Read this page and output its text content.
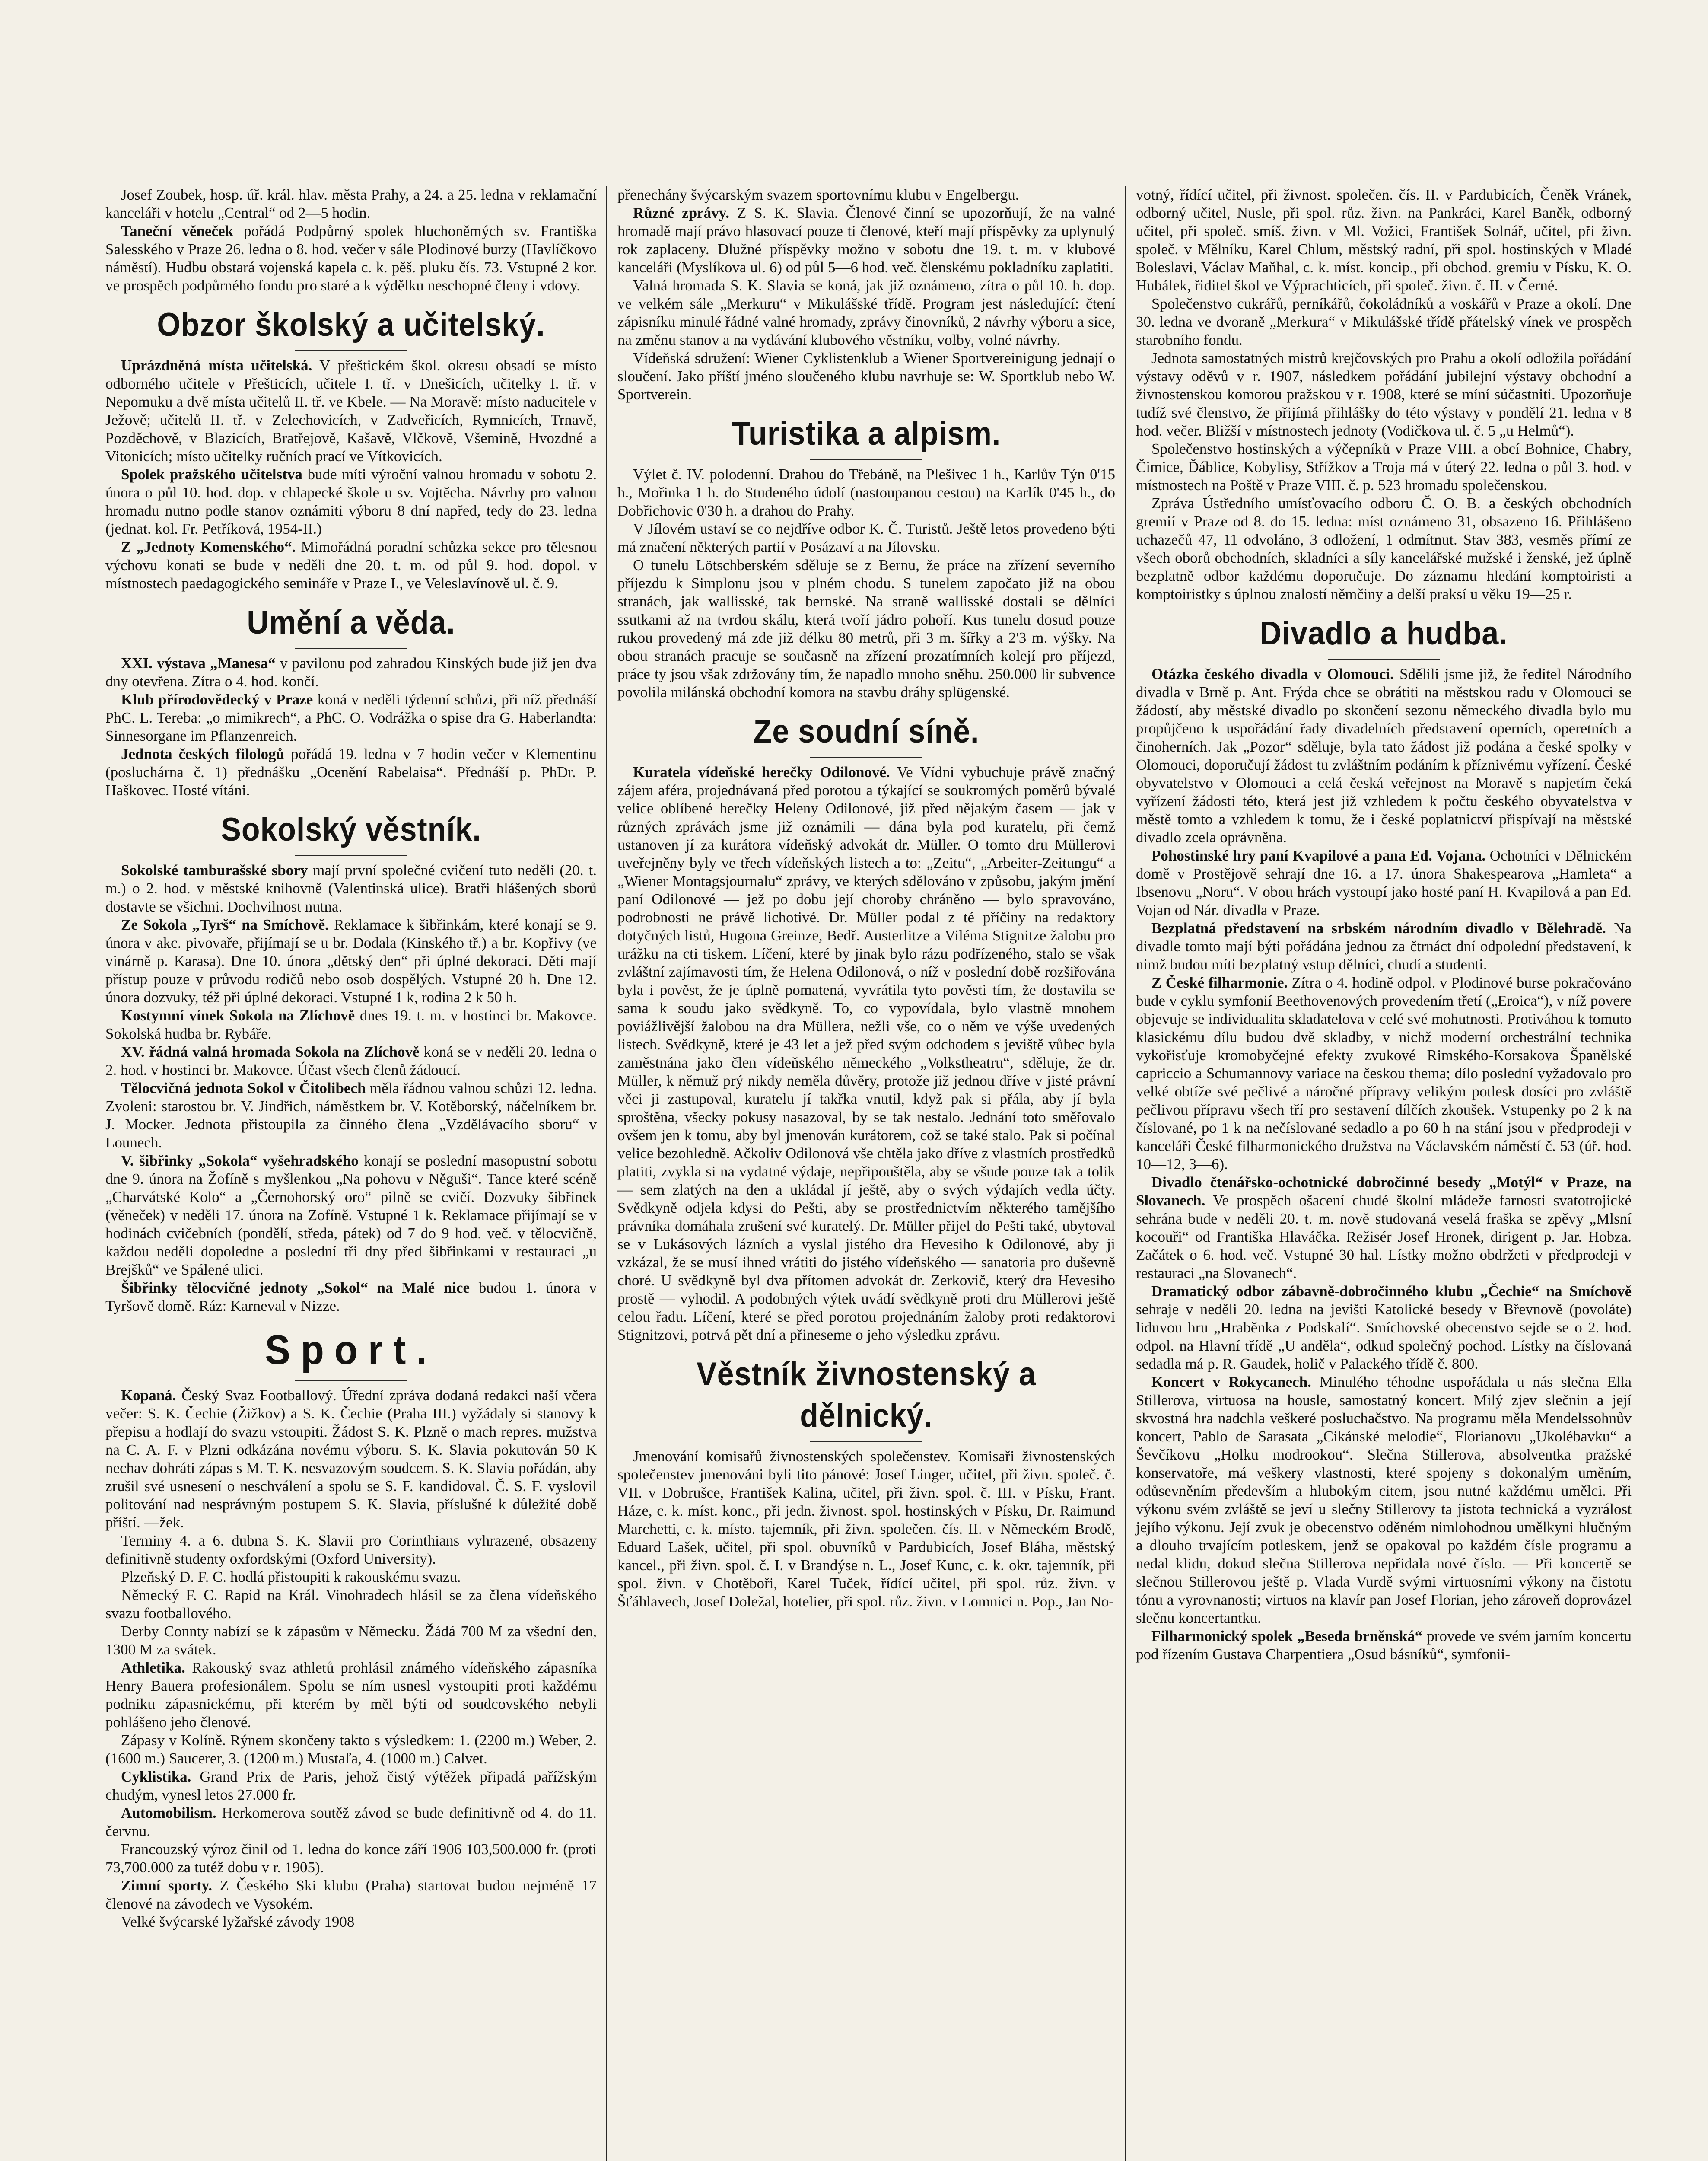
Josef Zoubek, hosp. úř. král. hlav. města Prahy, a 24. a 25. ledna v reklamační kanceláři v hotelu „Central“ od 2—5 hodin.

Taneční věneček pořádá Podpůrný spolek hluchoněmých sv. Františka Salesského v Praze 26. ledna o 8. hod. večer v sále Plodinové burzy (Havlíčkovo náměstí). Hudbu obstará vojenská kapela c. k. pěš. pluku čís. 73. Vstupné 2 kor. ve prospěch podpůrného fondu pro staré a k výdělku neschopné členy i vdovy.

Obzor školský a učitelský.

Uprázdněná místa učitelská. V přeštickém škol. okresu obsadí se místo odborného učitele v Přešticích, učitele I. tř. v Dnešicích, učitelky I. tř. v Nepomuku a dvě místa učitelů II. tř. ve Kbele. — Na Moravě: místo naducitele v Ježově; učitelů II. tř. v Zelechovicích, v Zadveřicích, Rymnicích, Trnavě, Pozděchově, v Blazicích, Bratřejově, Kašavě, Vlčkově, Všemině, Hvozdné a Vitonicích; místo učitelky ručních prací ve Vítkovicích.

Spolek pražského učitelstva bude míti výroční valnou hromadu v sobotu 2. února o půl 10. hod. dop. v chlapecké škole u sv. Vojtěcha. Návrhy pro valnou hromadu nutno podle stanov oznámiti výboru 8 dní napřed, tedy do 23. ledna (jednat. kol. Fr. Petříková, 1954-II.)

Z „Jednoty Komenského“. Mimořádná poradní schůzka sekce pro tělesnou výchovu konati se bude v neděli dne 20. t. m. od půl 9. hod. dopol. v místnostech paedagogického semináře v Praze I., ve Veleslavínově ul. č. 9.

Umění a věda.

XXI. výstava „Manesa“ v pavilonu pod zahradou Kinských bude již jen dva dny otevřena. Zítra o 4. hod. končí.

Klub přírodovědecký v Praze koná v neděli týdenní schůzi, při níž přednáší PhC. L. Tereba: „o mimikrech“, a PhC. O. Vodrážka o spise dra G. Haberlandta: Sinnesorgane im Pflanzenreich.

Jednota českých filologů pořádá 19. ledna v 7 hodin večer v Klementinu (posluchárna č. 1) přednášku „Ocenění Rabelaisa“. Přednáší p. PhDr. P. Haškovec. Hosté vítáni.

Sokolský věstník.

Sokolské tamburašské sbory mají první společné cvičení tuto neděli (20. t. m.) o 2. hod. v městské knihovně (Valentinská ulice). Bratři hlášených sborů dostavte se všichni. Dochvilnost nutna.

Ze Sokola „Tyrš“ na Smíchově. Reklamace k šibřinkám, které konají se 9. února v akc. pivovaře, přijímají se u br. Dodala (Kinského tř.) a br. Kopřivy (ve vinárně p. Karasa). Dne 10. února „dětský den“ při úplné dekoraci. Děti mají přístup pouze v průvodu rodičů nebo osob dospělých. Vstupné 20 h. Dne 12. února dozvuky, též při úplné dekoraci. Vstupné 1 k, rodina 2 k 50 h.

Kostymní vínek Sokola na Zlíchově dnes 19. t. m. v hostinci br. Makovce. Sokolská hudba br. Rybáře.

XV. řádná valná hromada Sokola na Zlíchově koná se v neděli 20. ledna o 2. hod. v hostinci br. Makovce. Účast všech členů žádoucí.

Tělocvičná jednota Sokol v Čitolibech měla řádnou valnou schůzi 12. ledna. Zvoleni: starostou br. V. Jindřich, náměstkem br. V. Kotěborský, náčelníkem br. J. Mocker. Jednota přistoupila za činného člena „Vzdělávacího sboru“ v Lounech.

V. šibřinky „Sokola“ vyšehradského konají se poslední masopustní sobotu dne 9. února na Žofíně s myšlenkou „Na pohovu v Něguši“. Tance které scéně „Charvátské Kolo“ a „Černohorský oro“ pilně se cvičí. Dozvuky šibřinek (věneček) v neděli 17. února na Zofíně. Vstupné 1 k. Reklamace přijímají se v hodinách cvičebních (pondělí, středa, pátek) od 7 do 9 hod. več. v tělocvičně, každou neděli dopoledne a poslední tři dny před šibřinkami v restauraci „u Brejšků“ ve Spálené ulici.

Šibřinky tělocvičné jednoty „Sokol“ na Malé nice budou 1. února v Tyršově domě. Ráz: Karneval v Nizze.

Sport.

Kopaná. Český Svaz Footballový. Úřední zpráva dodaná redakci naší včera večer: S. K. Čechie (Žižkov) a S. K. Čechie (Praha III.) vyžádaly si stanovy k přepisu a hodlají do svazu vstoupiti. Žádost S. K. Plzně o mach repres. mužstva na C. A. F. v Plzni odkázána novému výboru. S. K. Slavia pokutován 50 K nechav dohráti zápas s M. T. K. nesvazovým soudcem. S. K. Slavia pořádán, aby zrušil své usnesení o neschválení a spolu se S. F. kandidoval. Č. S. F. vyslovil politování nad nesprávným postupem S. K. Slavia, příslušné k důležité době příští. —žek.

Terminy 4. a 6. dubna S. K. Slavii pro Corinthians vyhrazené, obsazeny definitivně studenty oxfordskými (Oxford University).

Plzeňský D. F. C. hodlá přistoupiti k rakouskému svazu.

Německý F. C. Rapid na Král. Vinohradech hlásil se za člena vídeňského svazu footballového.

Derby Connty nabízí se k zápasům v Německu. Žádá 700 M za všední den, 1300 M za svátek.

Athletika. Rakouský svaz athletů prohlásil známého vídeňského zápasníka Henry Bauera profesionálem. Spolu se ním usnesl vystoupiti proti každému podniku zápasnickému, při kterém by měl býti od soudcovského nebyli pohlášeno jeho členové.

Zápasy v Kolíně. Rýnem skončeny takto s výsledkem: 1. (2200 m.) Weber, 2. (1600 m.) Saucerer, 3. (1200 m.) Mustaľa, 4. (1000 m.) Calvet.

Cyklistika. Grand Prix de Paris, jehož čistý výtěžek připadá pařížským chudým, vynesl letos 27.000 fr.

Automobilism. Herkomerova soutěž závod se bude definitivně od 4. do 11. červnu.

Francouzský výroz činil od 1. ledna do konce září 1906 103,500.000 fr. (proti 73,700.000 za tutéž dobu v r. 1905).

Zimní sporty. Z Českého Ski klubu (Praha) startovat budou nejméně 17 členové na závodech ve Vysokém.

Velké švýcarské lyžařské závody 1908

přenechány švýcarským svazem sportovnímu klubu v Engelbergu.

Různé zprávy. Z S. K. Slavia. Členové činní se upozorňují, že na valné hromadě mají právo hlasovací pouze ti členové, kteří mají příspěvky za uplynulý rok zaplaceny. Dlužné příspěvky možno v sobotu dne 19. t. m. v klubové kanceláři (Myslíkova ul. 6) od půl 5—6 hod. več. členskému pokladníku zaplatiti.

Valná hromada S. K. Slavia se koná, jak již oznámeno, zítra o půl 10. h. dop. ve velkém sále „Merkuru“ v Mikulášské třídě. Program jest následující: čtení zápisníku minulé řádné valné hromady, zprávy činovníků, 2 návrhy výboru a sice, na změnu stanov a na vydávání klubového věstníku, volby, volné návrhy.

Vídeňská sdružení: Wiener Cyklistenklub a Wiener Sportvereinigung jednají o sloučení. Jako příští jméno sloučeného klubu navrhuje se: W. Sportklub nebo W. Sportverein.

Turistika a alpism.

Výlet č. IV. polodenní. Drahou do Třebáně, na Plešivec 1 h., Karlův Týn 0'15 h., Mořinka 1 h. do Studeného údolí (nastoupanou cestou) na Karlík 0'45 h., do Dobřichovic 0'30 h. a drahou do Prahy.

V Jílovém ustaví se co nejdříve odbor K. Č. Turistů. Ještě letos provedeno býti má značení některých partií v Posázaví a na Jílovsku.

O tunelu Lötschberském sděluje se z Bernu, že práce na zřízení severního příjezdu k Simplonu jsou v plném chodu. S tunelem započato již na obou stranách, jak wallisské, tak bernské. Na straně wallisské dostali se dělníci ssutkami až na tvrdou skálu, která tvoří jádro pohoří. Kus tunelu dosud pouze rukou provedený má zde již délku 80 metrů, při 3 m. šířky a 2'3 m. výšky. Na obou stranách pracuje se současně na zřízení prozatímních kolejí pro příjezd, práce ty jsou však zdržovány tím, že napadlo mnoho sněhu. 250.000 lir subvence povolila milánská obchodní komora na stavbu dráhy splügenské.

Ze soudní síně.

Kuratela vídeňské herečky Odilonové. Ve Vídni vybuchuje právě značný zájem aféra, projednávaná před porotou a týkající se soukromých poměrů bývalé velice oblíbené herečky Heleny Odilonové, již před nějakým časem — jak v různých zprávách jsme již oznámili — dána byla pod kuratelu, při čemž ustanoven jí za kurátora vídeňský advokát dr. Müller. O tomto dru Müllerovi uveřejněny byly ve třech vídeňských listech a to: „Zeitu“, „Arbeiter-Zeitungu“ a „Wiener Montagsjournalu“ zprávy, ve kterých sdělováno v způsobu, jakým jmění paní Odilonové — jež po dobu její choroby chráněno — bylo spravováno, podrobnosti ne právě lichotivé. Dr. Müller podal z té příčiny na redaktory dotyčných listů, Hugona Greinze, Bedř. Austerlitze a Viléma Stignitze žalobu pro urážku na cti tiskem. Líčení, které by jinak bylo rázu podřízeného, stalo se však zvláštní zajímavosti tím, že Helena Odilonová, o níž v poslední době rozšiřována byla i pověst, že je úplně pomatená, vyvrátila tyto pověsti tím, že dostavila se sama k soudu jako svědkyně. To, co vypovídala, bylo vlastně mnohem poviážlivější žalobou na dra Müllera, nežli vše, co o něm ve výše uvedených listech. Svědkyně, které je 43 let a jež před svým odchodem s jeviště vůbec byla zaměstnána jako člen vídeňského německého „Volkstheatru“, sděluje, že dr. Müller, k němuž prý nikdy neměla důvěry, protože již jednou dříve v jisté právní věci ji zastupoval, kuratelu jí takřka vnutil, když pak si přála, aby jí byla sproštěna, všecky pokusy nasazoval, by se tak nestalo. Jednání toto směřovalo ovšem jen k tomu, aby byl jmenován kurátorem, což se také stalo. Pak si počínal velice bezohledně. Ačkoliv Odilonová vše chtěla jako dříve z vlastních prostředků platiti, zvykla si na vydatné výdaje, nepřipouštěla, aby se všude pouze tak a tolik — sem zlatých na den a ukládal jí ještě, aby o svých výdajích vedla účty. Svědkyně odjela kdysi do Pešti, aby se prostřednictvím některého tamějšího právníka domáhala zrušení své kuratelý. Dr. Müller přijel do Pešti také, ubytoval se v Lukásových lázních a vyslal jistého dra Hevesiho k Odilonové, aby ji vzkázal, že se musí ihned vrátiti do jistého vídeňského — sanatoria pro duševně choré. U svědkyně byl dva přítomen advokát dr. Zerkovič, který dra Hevesiho prostě — vyhodil. A podobných výtek uvádí svědkyně proti dru Müllerovi ještě celou řadu. Líčení, které se před porotou projednáním žaloby proti redaktorovi Stignitzovi, potrvá pět dní a přineseme o jeho výsledku zprávu.

Věstník živnostenský a dělnický.

Jmenování komisařů živnostenských společenstev. Komisaři živnostenských společenstev jmenováni byli tito pánové: Josef Linger, učitel, při živn. společ. č. VII. v Dobrušce, František Kalina, učitel, při živn. spol. č. III. v Písku, Frant. Háze, c. k. míst. konc., při jedn. živnost. spol. hostinských v Písku, Dr. Raimund Marchetti, c. k. místo. tajemník, při živn. společen. čís. II. v Německém Brodě, Eduard Lašek, učitel, při spol. obuvníků v Pardubicích, Josef Bláha, městský kancel., při živn. spol. č. I. v Brandýse n. L., Josef Kunc, c. k. okr. tajemník, při spol. živn. v Chotěboři, Karel Tuček, řídící učitel, při spol. růz. živn. v Šťáhlavech, Josef Doležal, hotelier, při spol. růz. živn. v Lomnici n. Pop., Jan No-

votný, řídící učitel, při živnost. společen. čís. II. v Pardubicích, Čeněk Vránek, odborný učitel, Nusle, při spol. růz. živn. na Pankráci, Karel Baněk, odborný učitel, při společ. smíš. živn. v Ml. Vožici, František Solnář, učitel, při živn. společ. v Mělníku, Karel Chlum, městský radní, při spol. hostinských v Mladé Boleslavi, Václav Maňhal, c. k. míst. koncip., při obchod. gremiu v Písku, K. O. Hubálek, řiditel škol ve Výprachticích, při společ. živn. č. II. v Černé.

Společenstvo cukrářů, perníkářů, čokoládníků a voskářů v Praze a okolí. Dne 30. ledna ve dvoraně „Merkura“ v Mikulášské třídě přátelský vínek ve prospěch starobního fondu.

Jednota samostatných mistrů krejčovských pro Prahu a okolí odložila pořádání výstavy oděvů v r. 1907, následkem pořádání jubilejní výstavy obchodní a živnostenskou komorou pražskou v r. 1908, které se míní súčastniti. Upozorňuje tudíž své členstvo, že přijímá přihlášky do této výstavy v pondělí 21. ledna v 8 hod. večer. Bližší v místnostech jednoty (Vodičkova ul. č. 5 „u Helmů“).

Společenstvo hostinských a výčepníků v Praze VIII. a obcí Bohnice, Chabry, Čimice, Ďáblice, Kobylisy, Střížkov a Troja má v úterý 22. ledna o půl 3. hod. v místnostech na Poště v Praze VIII. č. p. 523 hromadu společenskou.

Zpráva Ústředního umísťovacího odboru Č. O. B. a českých obchodních gremií v Praze od 8. do 15. ledna: míst oznámeno 31, obsazeno 16. Přihlášeno uchazečů 47, 11 odvoláno, 3 odložení, 1 odmítnut. Stav 383, vesměs přímí ze všech oborů obchodních, skladníci a síly kancelářské mužské i ženské, jež úplně bezplatně odbor každému doporučuje. Do záznamu hledání komptoiristi a komptoiristky s úplnou znalostí němčiny a delší praksí u věku 19—25 r.

Divadlo a hudba.

Otázka českého divadla v Olomouci. Sdělili jsme již, že ředitel Národního divadla v Brně p. Ant. Frýda chce se obrátiti na městskou radu v Olomouci se žádostí, aby městské divadlo po skončení sezonu německého divadla bylo mu propůjčeno k uspořádání řady divadelních představení operních, operetních a činoherních. Jak „Pozor“ sděluje, byla tato žádost již podána a české spolky v Olomouci, doporučují žádost tu zvláštním podáním k příznivému vyřízení. České obyvatelstvo v Olomouci a celá česká veřejnost na Moravě s napjetím čeká vyřízení žádosti této, která jest již vzhledem k počtu českého obyvatelstva v městě tomto a vzhledem k tomu, že i české poplatnictví přispívají na městské divadlo zcela oprávněna.

Pohostinské hry paní Kvapilové a pana Ed. Vojana. Ochotníci v Dělnickém domě v Prostějově sehrají dne 16. a 17. února Shakespearova „Hamleta“ a Ibsenovu „Noru“. V obou hrách vystoupí jako hosté paní H. Kvapilová a pan Ed. Vojan od Nár. divadla v Praze.

Bezplatná představení na srbském národním divadlo v Bělehradě. Na divadle tomto mají býti pořádána jednou za čtrnáct dní odpolední představení, k nimž budou míti bezplatný vstup dělníci, chudí a studenti.

Z České filharmonie. Zítra o 4. hodině odpol. v Plodinové burse pokračováno bude v cyklu symfonií Beethovenových provedením třetí („Eroica“), v níž povere objevuje se individualita skladatelova v celé své mohutnosti. Protiváhou k tomuto klasickému dílu budou dvě skladby, v nichž moderní orchestrální technika vykořisťuje kromobyčejné efekty zvukové Rimského-Korsakova Španělské capriccio a Schumannovy variace na českou thema; dílo poslední vyžadovalo pro velké obtíže své pečlivé a náročné přípravy velikým potlesk dosíci pro zvláště pečlivou přípravu všech tří pro sestavení dílčích zkoušek. Vstupenky po 2 k na číslované, po 1 k na nečíslované sedadlo a po 60 h na stání jsou v předprodeji v kanceláři České filharmonického družstva na Václavském náměstí č. 53 (úř. hod. 10—12, 3—6).

Divadlo čtenářsko-ochotnické dobročinné besedy „Motýl“ v Praze, na Slovanech. Ve prospěch ošacení chudé školní mládeže farnosti svatotrojické sehrána bude v neděli 20. t. m. nově studovaná veselá fraška se zpěvy „Mlsní kocouři“ od Františka Hlaváčka. Režisér Josef Hronek, dirigent p. Jar. Hobza. Začátek o 6. hod. več. Vstupné 30 hal. Lístky možno obdržeti v předprodeji v restauraci „na Slovanech“.

Dramatický odbor zábavně-dobročinného klubu „Čechie“ na Smíchově sehraje v neděli 20. ledna na jevišti Katolické besedy v Břevnově (povoláte) liduvou hru „Hraběnka z Podskalí“. Smíchovské obecenstvo sejde se o 2. hod. odpol. na Hlavní třídě „U anděla“, odkud společný pochod. Lístky na číslovaná sedadla má p. R. Gaudek, holič v Palackého třídě č. 800.

Koncert v Rokycanech. Minulého téhodne uspořádala u nás slečna Ella Stillerova, virtuosa na housle, samostatný koncert. Milý zjev slečnin a její skvostná hra nadchla veškeré posluchačstvo. Na programu měla Mendelssohnův koncert, Pablo de Sarasata „Cikánské melodie“, Florianovu „Ukolébavku“ a Ševčíkovu „Holku modrookou“. Slečna Stillerova, absolventka pražské konservatoře, má veškery vlastnosti, které spojeny s dokonalým uměním, odůsevněním především a hlubokým citem, jsou nutné každému umělci. Při výkonu svém zvláště se jeví u slečny Stillerovy ta jistota technická a vyzrálost jejího výkonu. Její zvuk je obecenstvo oděném nimlohodnou umělkyni hlučným a dlouho trvajícím potleskem, jenž se opakoval po každém čísle programu a nedal klidu, dokud slečna Stillerova nepřidala nové číslo. — Při koncertě se slečnou Stillerovou ještě p. Vlada Vurdě svými virtuosními výkony na čistotu tónu a vyrovnanosti; virtuos na klavír pan Josef Florian, jeho zároveň doprovázel slečnu koncertantku.

Filharmonický spolek „Beseda brněnská“ provede ve svém jarním koncertu pod řízením Gustava Charpentiera „Osud básníků“, symfonii-
